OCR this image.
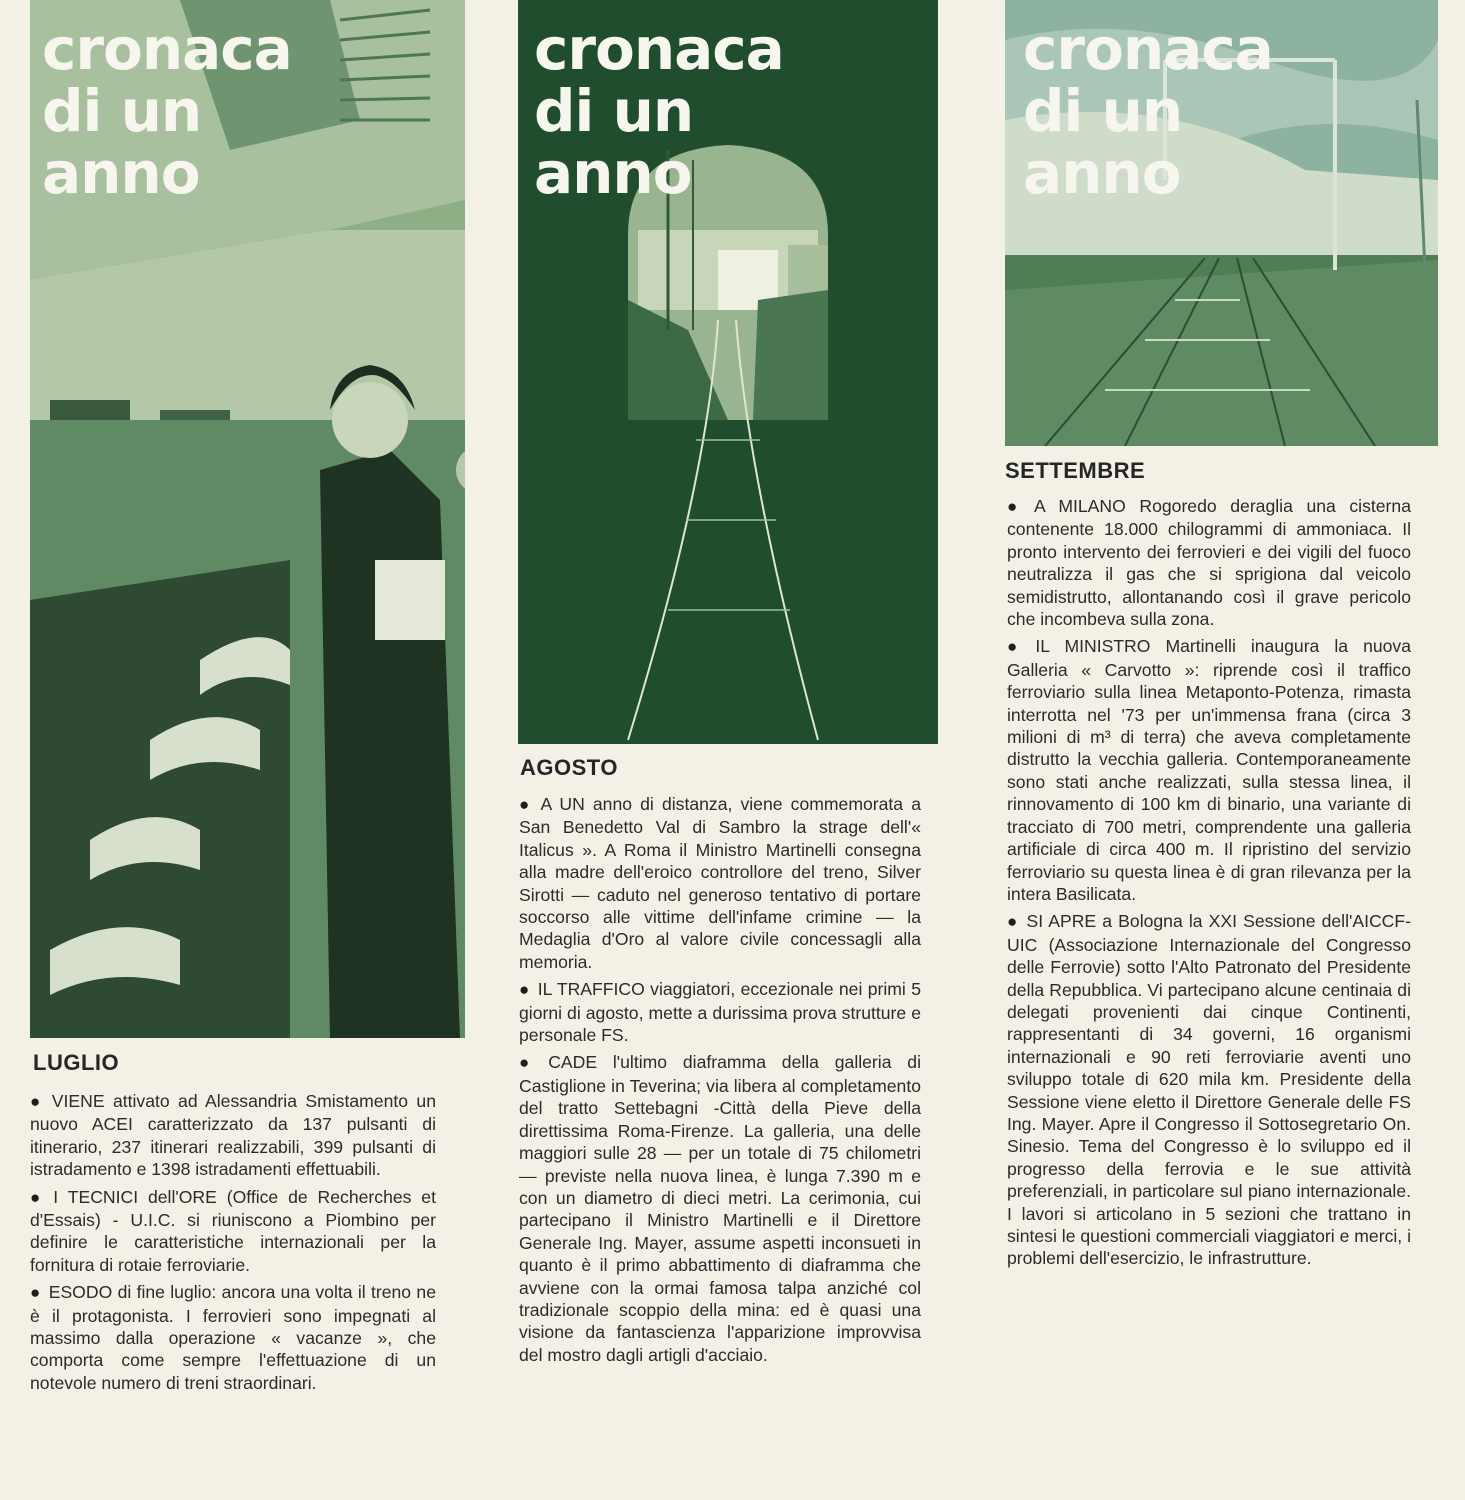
cronaca
di un
anno
cronaca
di un
anno
cronaca
di un
anno
LUGLIO
AGOSTO
SETTEMBRE

● VIENE attivato ad Alessandria Smistamento un nuovo ACEI caratterizzato da 137 pulsanti di itinerario, 237 itinerari realizzabili, 399 pulsanti di istradamento e 1398 istradamenti effettuabili.

● I TECNICI dell'ORE (Office de Recherches et d'Essais) - U.I.C. si riuniscono a Piombino per definire le caratteristiche internazionali per la fornitura di rotaie ferroviarie.

● ESODO di fine luglio: ancora una volta il treno ne è il protagonista. I ferrovieri sono impegnati al massimo dalla operazione « vacanze », che comporta come sempre l'effettuazione di un notevole numero di treni straordinari.

● A UN anno di distanza, viene commemorata a San Benedetto Val di Sambro la strage dell'« Italicus ». A Roma il Ministro Martinelli consegna alla madre dell'eroico controllore del treno, Silver Sirotti — caduto nel generoso tentativo di portare soccorso alle vittime dell'infame crimine — la Medaglia d'Oro al valore civile concessagli alla memoria.

● IL TRAFFICO viaggiatori, eccezionale nei primi 5 giorni di agosto, mette a durissima prova strutture e personale FS.

● CADE l'ultimo diaframma della galleria di Castiglione in Teverina; via libera al completamento del tratto Settebagni -Città della Pieve della direttissima Roma-Firenze. La galleria, una delle maggiori sulle 28 — per un totale di 75 chilometri — previste nella nuova linea, è lunga 7.390 m e con un diametro di dieci metri. La cerimonia, cui partecipano il Ministro Martinelli e il Direttore Generale Ing. Mayer, assume aspetti inconsueti in quanto è il primo abbattimento di diaframma che avviene con la ormai famosa talpa anziché col tradizionale scoppio della mina: ed è quasi una visione da fantascienza l'apparizione improvvisa del mostro dagli artigli d'acciaio.

● A MILANO Rogoredo deraglia una cisterna contenente 18.000 chilogrammi di ammoniaca. Il pronto intervento dei ferrovieri e dei vigili del fuoco neutralizza il gas che si sprigiona dal veicolo semidistrutto, allontanando così il grave pericolo che incombeva sulla zona.

● IL MINISTRO Martinelli inaugura la nuova Galleria « Carvotto »: riprende così il traffico ferroviario sulla linea Metaponto-Potenza, rimasta interrotta nel '73 per un'immensa frana (circa 3 milioni di m³ di terra) che aveva completamente distrutto la vecchia galleria. Contemporaneamente sono stati anche realizzati, sulla stessa linea, il rinnovamento di 100 km di binario, una variante di tracciato di 700 metri, comprendente una galleria artificiale di circa 400 m. Il ripristino del servizio ferroviario su questa linea è di gran rilevanza per la intera Basilicata.

● SI APRE a Bologna la XXI Sessione dell'AICCF-UIC (Associazione Internazionale del Congresso delle Ferrovie) sotto l'Alto Patronato del Presidente della Repubblica. Vi partecipano alcune centinaia di delegati provenienti dai cinque Continenti, rappresentanti di 34 governi, 16 organismi internazionali e 90 reti ferroviarie aventi uno sviluppo totale di 620 mila km. Presidente della Sessione viene eletto il Direttore Generale delle FS Ing. Mayer. Apre il Congresso il Sottosegretario On. Sinesio. Tema del Congresso è lo sviluppo ed il progresso della ferrovia e le sue attività preferenziali, in particolare sul piano internazionale. I lavori si articolano in 5 sezioni che trattano in sintesi le questioni commerciali viaggiatori e merci, i problemi dell'esercizio, le infrastrutture.
